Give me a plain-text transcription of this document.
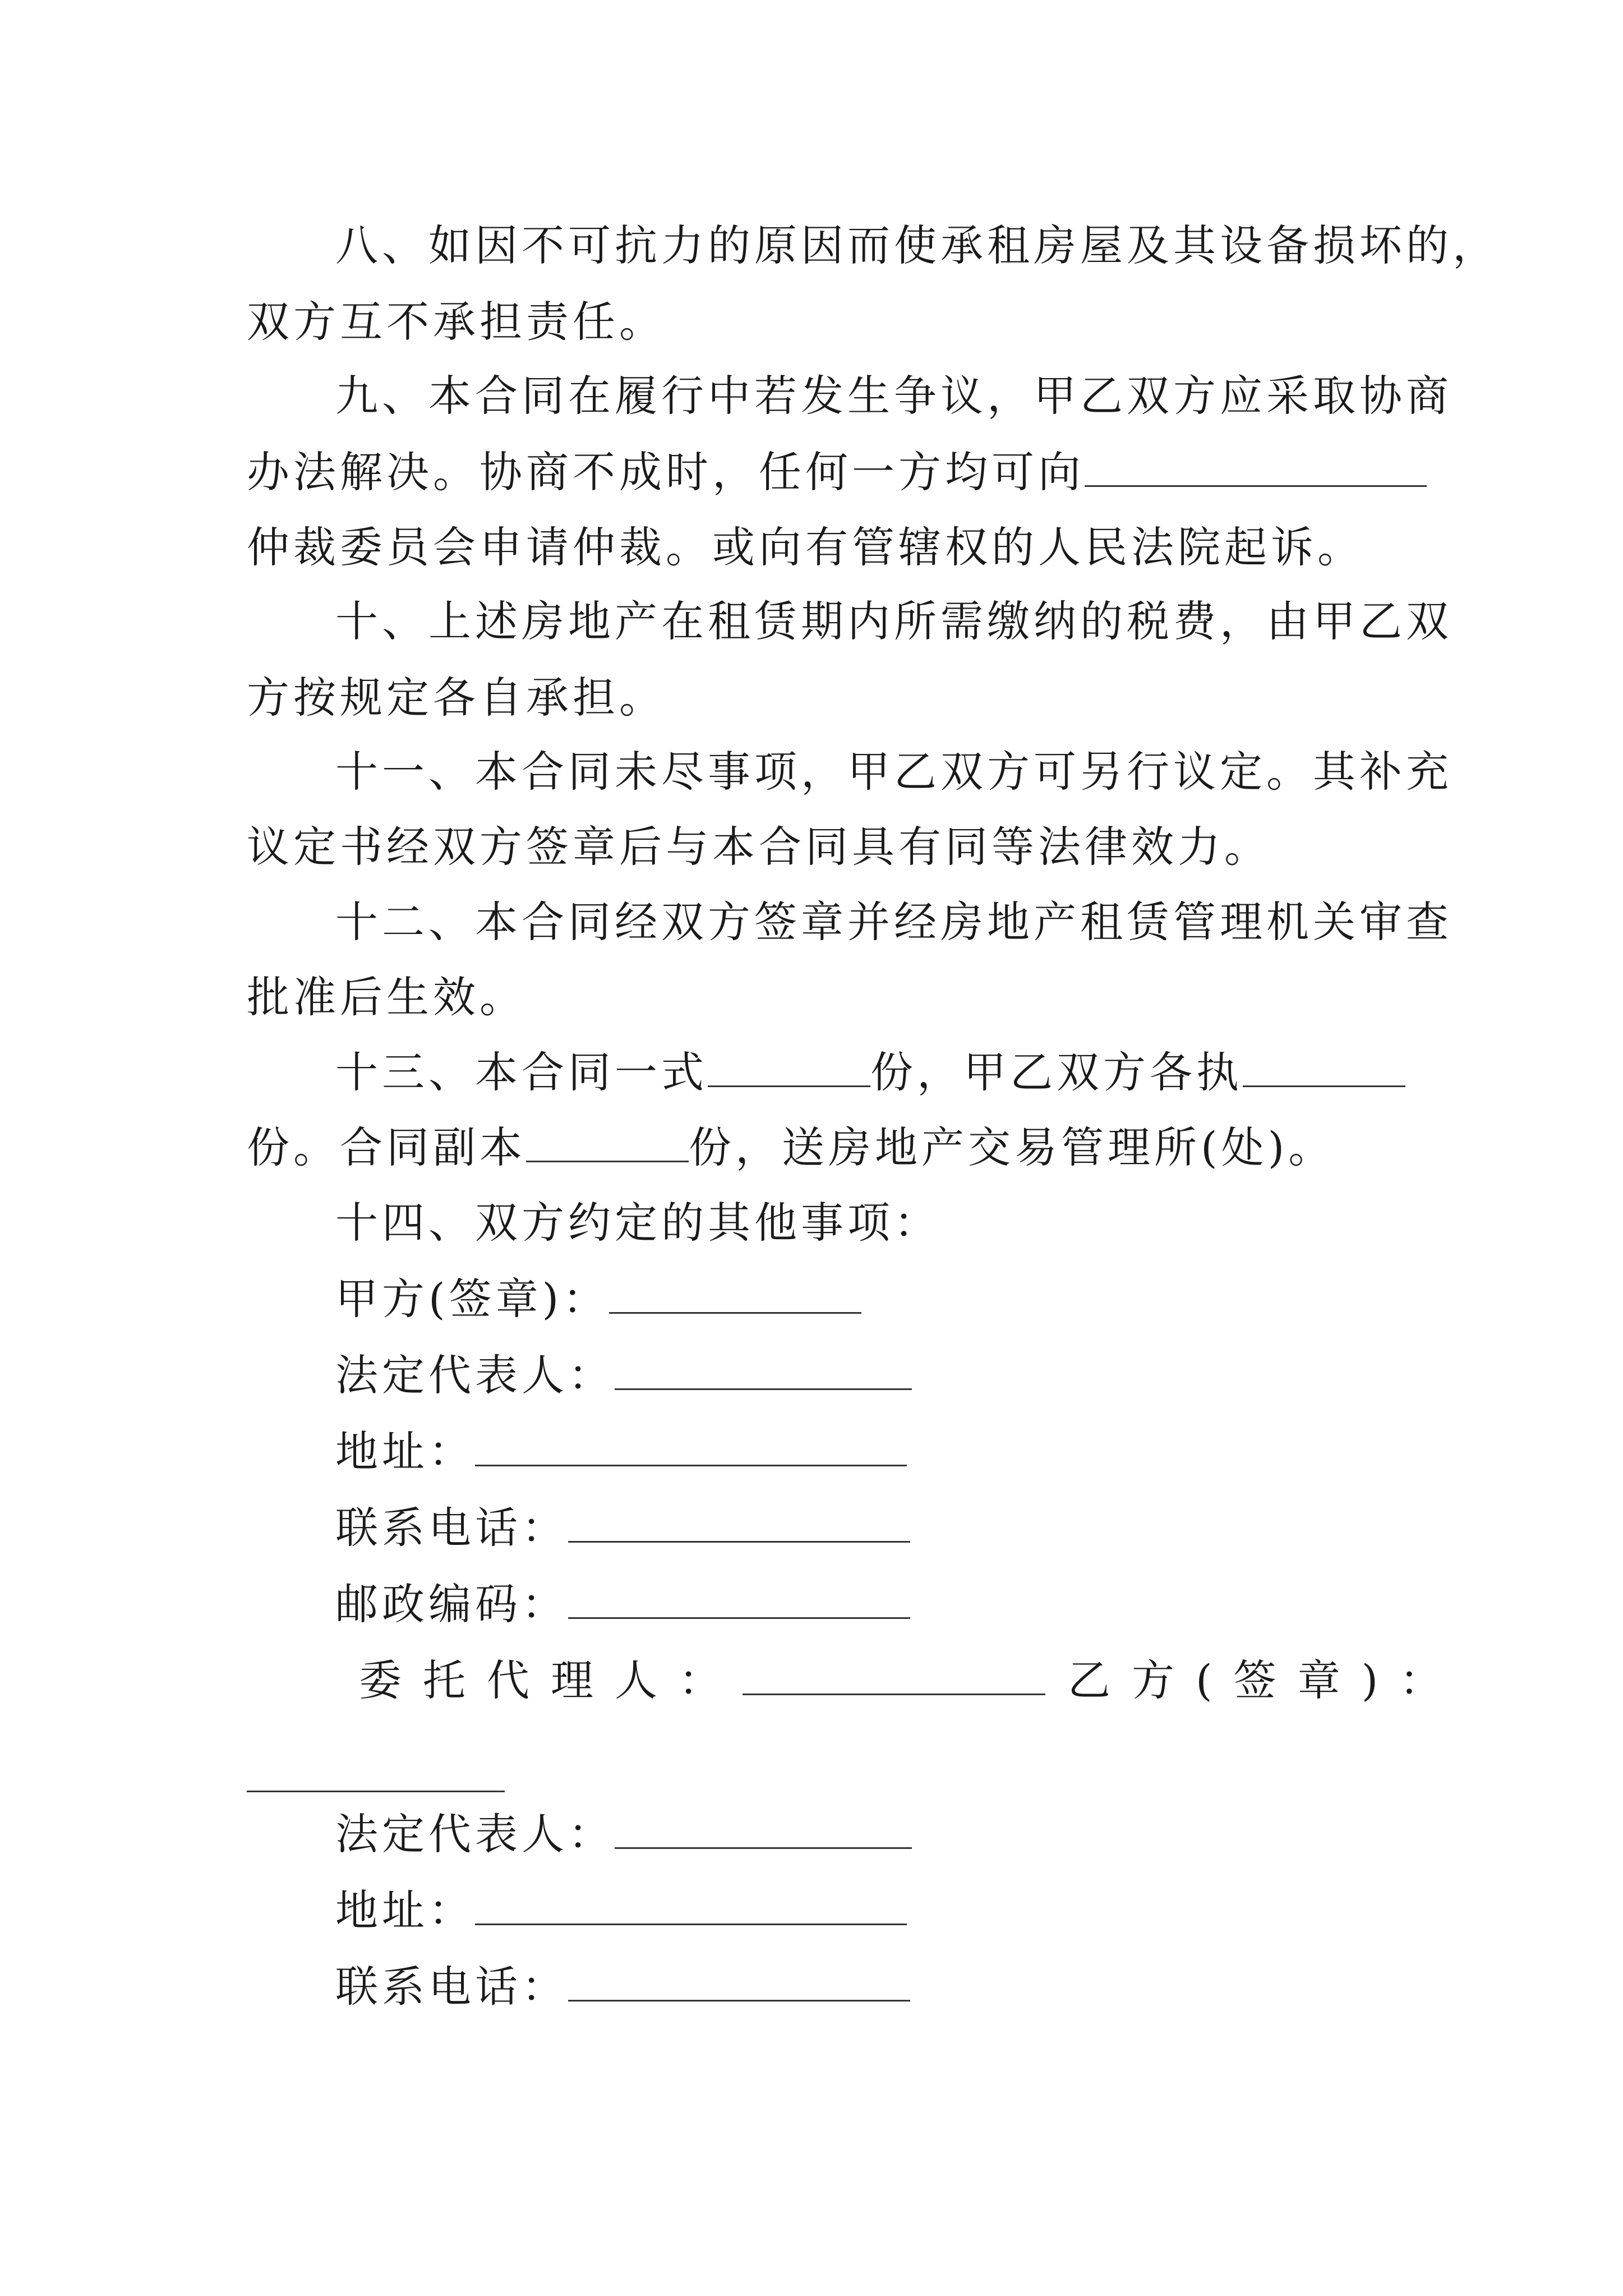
八、如因不可抗力的原因而使承租房屋及其设备损坏的，
双方互不承担责任。
九、本合同在履行中若发生争议，甲乙双方应采取协商
办法解决。协商不成时，任何一方均可向
仲裁委员会申请仲裁。或向有管辖权的人民法院起诉。
十、上述房地产在租赁期内所需缴纳的税费，由甲乙双
方按规定各自承担。
十一、本合同未尽事项，甲乙双方可另行议定。其补充
议定书经双方签章后与本合同具有同等法律效力。
十二、本合同经双方签章并经房地产租赁管理机关审查
批准后生效。
十三、本合同一式	份，甲乙双方各执
份。合同副本	份，送房地产交易管理所(处)。
十四、双方约定的其他事项：
甲方(签章)：
法定代表人：
地址：
联系电话：
邮政编码：
委托代理人：	乙方(签章)：
法定代表人：
地址：
联系电话：
